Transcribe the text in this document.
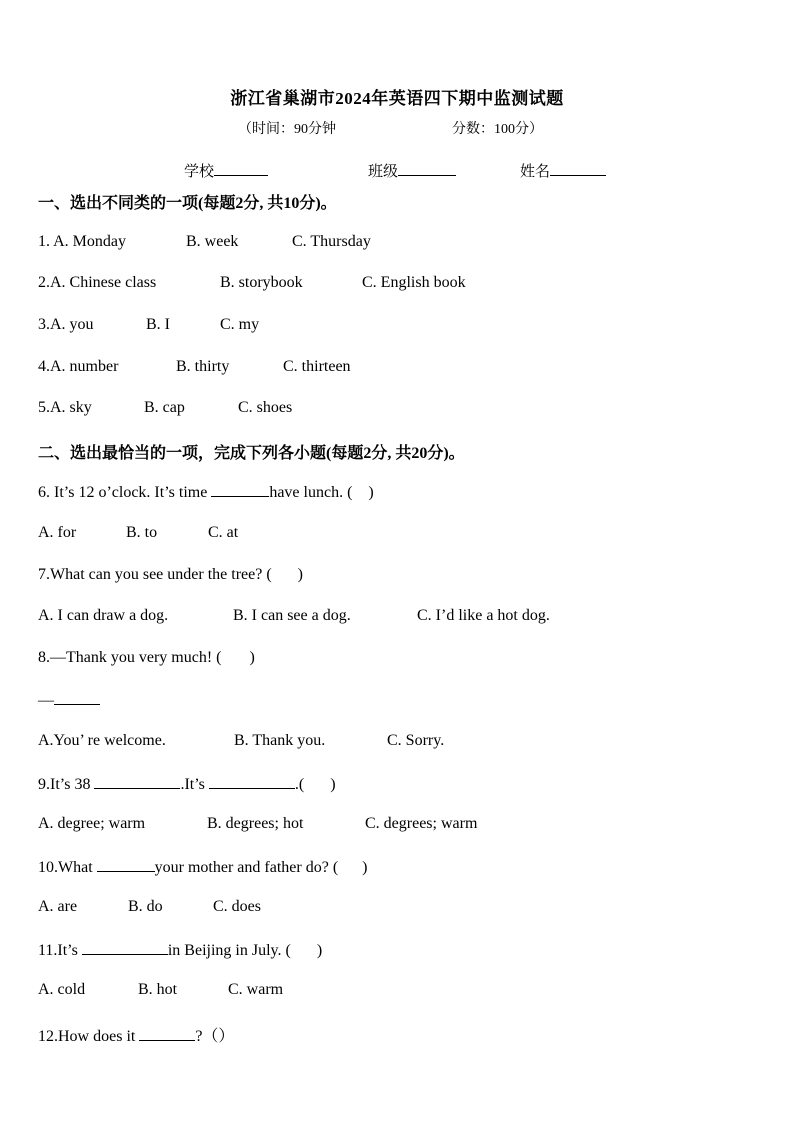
浙江省巢湖市2024年英语四下期中监测试题
（时间：90分钟	分数：100分）
学校	班级	姓名
一、选出不同类的一项(每题2分, 共10分)。
1. A. Monday	B. week	C. Thursday
2.A. Chinese class	B. storybook	C. English book
3.A. you	B. I	C. my
4.A. number	B. thirty	C. thirteen
5.A. sky	B. cap	C. shoes
二、选出最恰当的一项，完成下列各小题(每题2分, 共20分)。
6. It’s 12 o’clock. It’s time	have lunch. ( )
A. for	B. to	C. at
7.What can you see under the tree? ( )
A. I can draw a dog.	B. I can see a dog.	C. I’d like a hot dog.
8.—Thank you very much! ( )
—
A.You’ re welcome.	B. Thank you.	C. Sorry.
9.It’s 38	.It’s	.( )
A. degree; warm	B. degrees; hot	C. degrees; warm
10.What	your mother and father do? ( )
A. are	B. do	C. does
11.It’s	in Beijing in July. ( )
A. cold	B. hot	C. warm
12.How does it	?（）
